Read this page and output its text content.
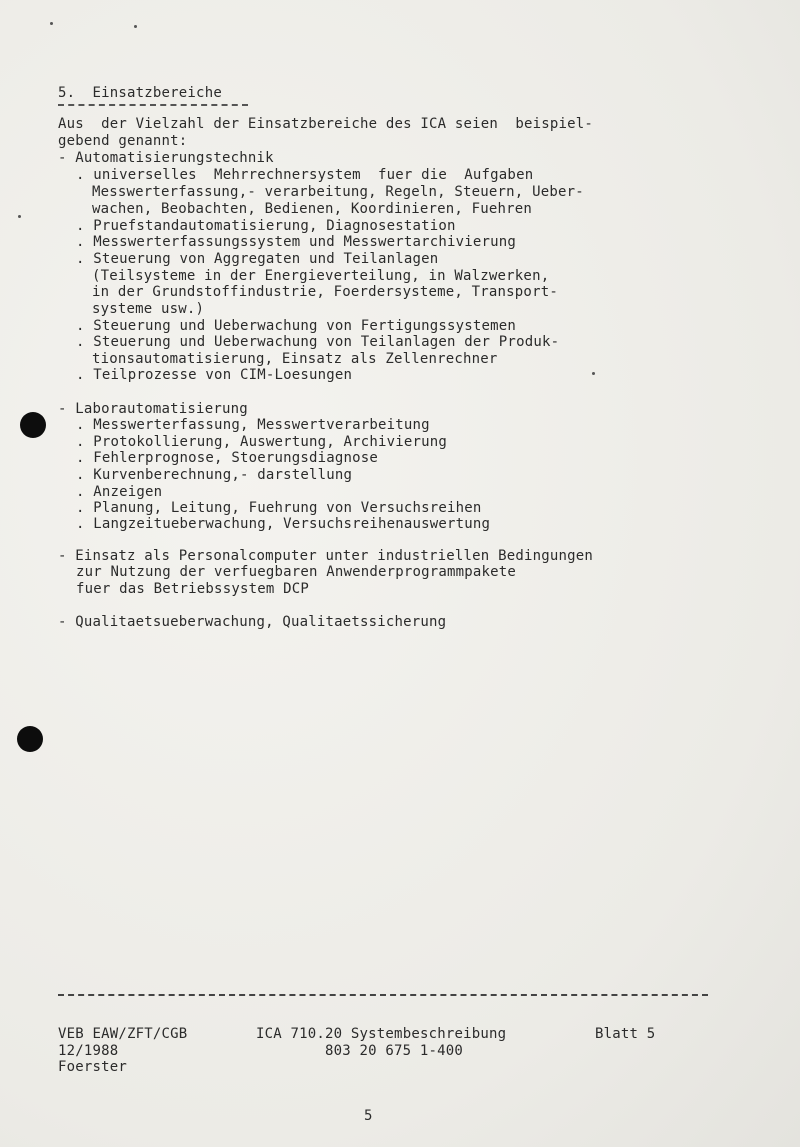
5.  Einsatzbereiche
Aus  der Vielzahl der Einsatzbereiche des ICA seien  beispiel-
gebend genannt:
- Automatisierungstechnik
. universelles  Mehrrechnersystem  fuer die  Aufgaben
Messwerterfassung,- verarbeitung, Regeln, Steuern, Ueber-
wachen, Beobachten, Bedienen, Koordinieren, Fuehren
. Pruefstandautomatisierung, Diagnosestation
. Messwerterfassungssystem und Messwertarchivierung
. Steuerung von Aggregaten und Teilanlagen
(Teilsysteme in der Energieverteilung, in Walzwerken,
in der Grundstoffindustrie, Foerdersysteme, Transport-
systeme usw.)
. Steuerung und Ueberwachung von Fertigungssystemen
. Steuerung und Ueberwachung von Teilanlagen der Produk-
tionsautomatisierung, Einsatz als Zellenrechner
. Teilprozesse von CIM-Loesungen
- Laborautomatisierung
. Messwerterfassung, Messwertverarbeitung
. Protokollierung, Auswertung, Archivierung
. Fehlerprognose, Stoerungsdiagnose
. Kurvenberechnung,- darstellung
. Anzeigen
. Planung, Leitung, Fuehrung von Versuchsreihen
. Langzeitueberwachung, Versuchsreihenauswertung
- Einsatz als Personalcomputer unter industriellen Bedingungen
zur Nutzung der verfuegbaren Anwenderprogrammpakete
fuer das Betriebssystem DCP
- Qualitaetsueberwachung, Qualitaetssicherung
VEB EAW/ZFT/CGB
12/1988
Foerster
ICA 710.20 Systembeschreibung
803 20 675 1-400
Blatt 5
5
